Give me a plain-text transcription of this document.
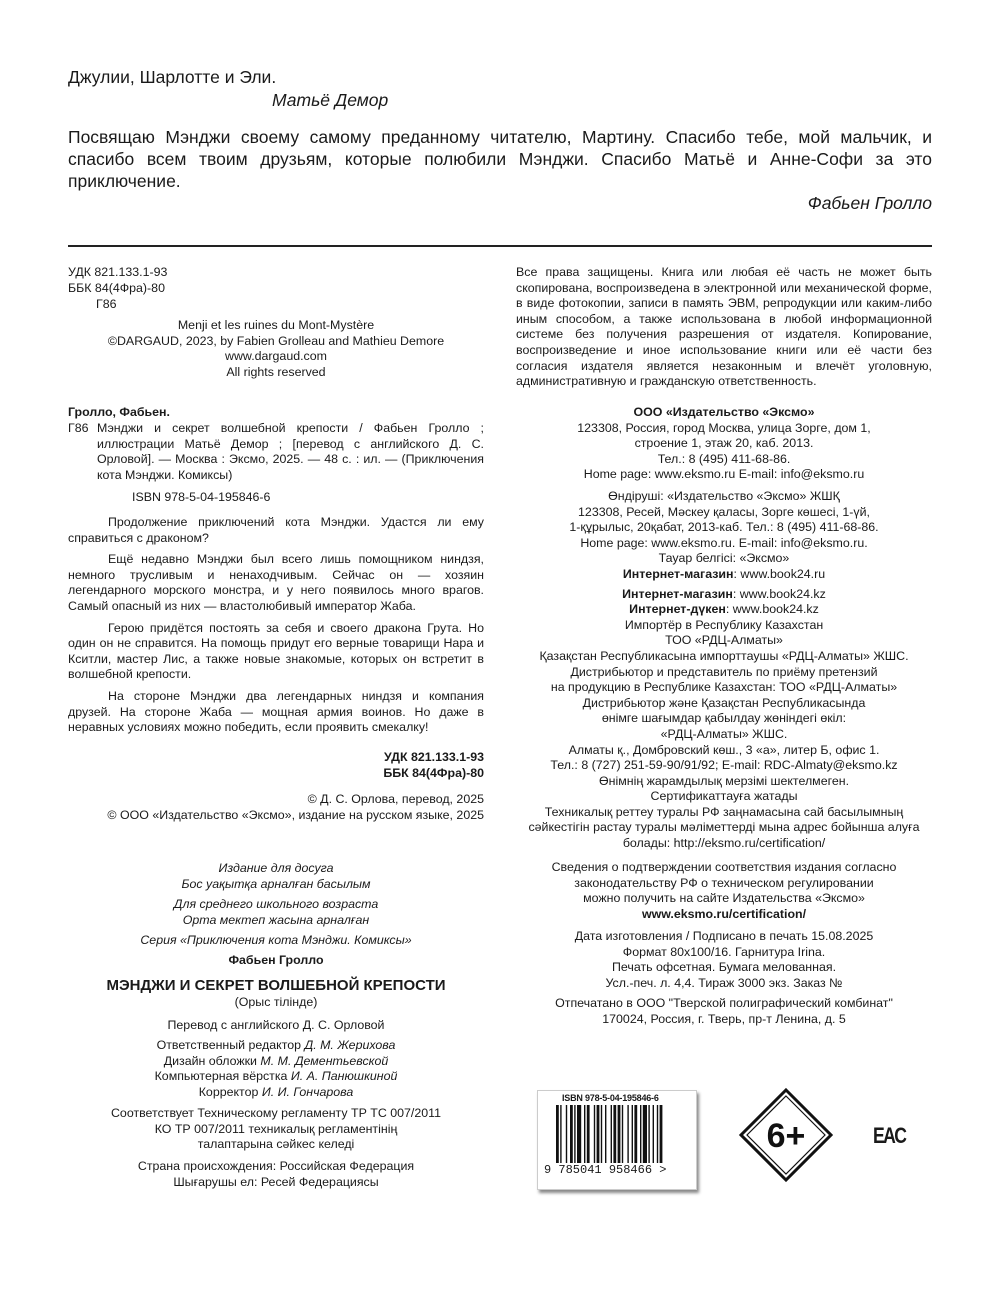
Джулии, Шарлотте и Эли.
Матьё Демор
Посвящаю Мэнджи своему самому преданному читателю, Мартину. Спасибо тебе, мой мальчик, и спасибо всем твоим друзьям, которые полюбили Мэнджи. Спасибо Матьё и Анне-Софи за это приключение.
Фабьен Гролло
УДК 821.133.1-93
ББК 84(4Фра)-80
Г86
Menji et les ruines du Mont-Mystère
©DARGAUD, 2023, by Fabien Grolleau and Mathieu Demore
www.dargaud.com
All rights reserved
Гролло, Фабьен.
Г86 Мэнджи и секрет волшебной крепости / Фабьен Гролло ; иллюстрации Матьё Демор ; [перевод с английского Д. С. Орловой]. — Москва : Эксмо, 2025. — 48 с. : ил. — (Приключения кота Мэнджи. Комиксы)
ISBN 978-5-04-195846-6

Продолжение приключений кота Мэнджи. Удастся ли ему справиться с драконом?

Ещё недавно Мэнджи был всего лишь помощником ниндзя, немного трусливым и ненаходчивым. Сейчас он — хозяин легендарного морского монстра, и у него появилось много врагов. Самый опасный из них — властолюбивый император Жаба.

Герою придётся постоять за себя и своего дракона Грута. Но один он не справится. На помощь придут его верные товарищи Нара и Кситли, мастер Лис, а также новые знакомые, которых он встретит в волшебной крепости.

На стороне Мэнджи два легендарных ниндзя и компания друзей. На стороне Жаба — мощная армия воинов. Но даже в неравных условиях можно победить, если проявить смекалку!

УДК 821.133.1-93
ББК 84(4Фра)-80
© Д. С. Орлова, перевод, 2025
© ООО «Издательство «Эксмо», издание на русском языке, 2025
Издание для досуга
Бос уақытқа арналған басылым
Для среднего школьного возраста
Орта мектеп жасына арналған
Серия «Приключения кота Мэнджи. Комиксы»
Фабьен Гролло
МЭНДЖИ И СЕКРЕТ ВОЛШЕБНОЙ КРЕПОСТИ
(Орыс тілінде)
Перевод с английского Д. С. Орловой
Ответственный редактор Д. М. Жерихова
Дизайн обложки М. М. Дементьевской
Компьютерная вёрстка И. А. Панюшкиной
Корректор И. И. Гончарова
Соответствует Техническому регламенту ТР ТС 007/2011
КО ТР 007/2011 техникалық регламентінің
талаптарына сәйкес келеді
Страна происхождения: Российская Федерация
Шығарушы ел: Ресей Федерациясы
Все права защищены. Книга или любая её часть не может быть скопирована, воспроизведена в электронной или механической форме, в виде фотокопии, записи в память ЭВМ, репродукции или каким-либо иным способом, а также использована в любой информационной системе без получения разрешения от издателя. Копирование, воспроизведение и иное использование книги или её части без согласия издателя является незаконным и влечёт уголовную, административную и гражданскую ответственность.
ООО «Издательство «Эксмо»
123308, Россия, город Москва, улица Зорге, дом 1,
строение 1, этаж 20, каб. 2013.
Тел.: 8 (495) 411-68-86.
Home page: www.eksmo.ru E-mail: info@eksmo.ru
Өндіруші: «Издательство «Эксмо» ЖШҚ
123308, Ресей, Мәскеу қаласы, Зорге көшесі, 1-үй,
1-құрылыс, 20қабат, 2013-каб. Тел.: 8 (495) 411-68-86.
Home page: www.eksmo.ru. E-mail: info@eksmo.ru.
Тауар белгісі: «Эксмо»
Интернет-магазин: www.book24.ru
Интернет-магазин: www.book24.kz
Интернет-дүкен: www.book24.kz
Импортёр в Республику Казахстан
ТОО «РДЦ-Алматы»
Қазақстан Республикасына импорттаушы «РДЦ-Алматы» ЖШС.
Дистрибьютор и представитель по приёму претензий
на продукцию в Республике Казахстан: ТОО «РДЦ-Алматы»
Дистрибьютор және Қазақстан Республикасында
өнімге шағымдар қабылдау жөніндегі өкіл:
«РДЦ-Алматы» ЖШС.
Алматы қ., Домбровский көш., 3 «а», литер Б, офис 1.
Тел.: 8 (727) 251-59-90/91/92; E-mail: RDC-Almaty@eksmo.kz
Өнімнің жарамдылық мерзімі шектелмеген.
Сертификаттауға жатады
Техникалық реттеу туралы РФ заңнамасына сай басылымның
сәйкестігін растау туралы мәліметтерді мына адрес бойынша алуға
болады: http://eksmo.ru/certification/
Сведения о подтверждении соответствия издания согласно
законодательству РФ о техническом регулировании
можно получить на сайте Издательства «Эксмо»
www.eksmo.ru/certification/
Дата изготовления / Подписано в печать 15.08.2025
Формат 80x100/16. Гарнитура Irina.
Печать офсетная. Бумага мелованная.
Усл.-печ. л. 4,4. Тираж 3000 экз. Заказ №
Отпечатано в ООО "Тверской полиграфический комбинат"
170024, Россия, г. Тверь, пр-т Ленина, д. 5
ISBN 978-5-04-195846-6
9 785041 958466 >
6+	EAC
